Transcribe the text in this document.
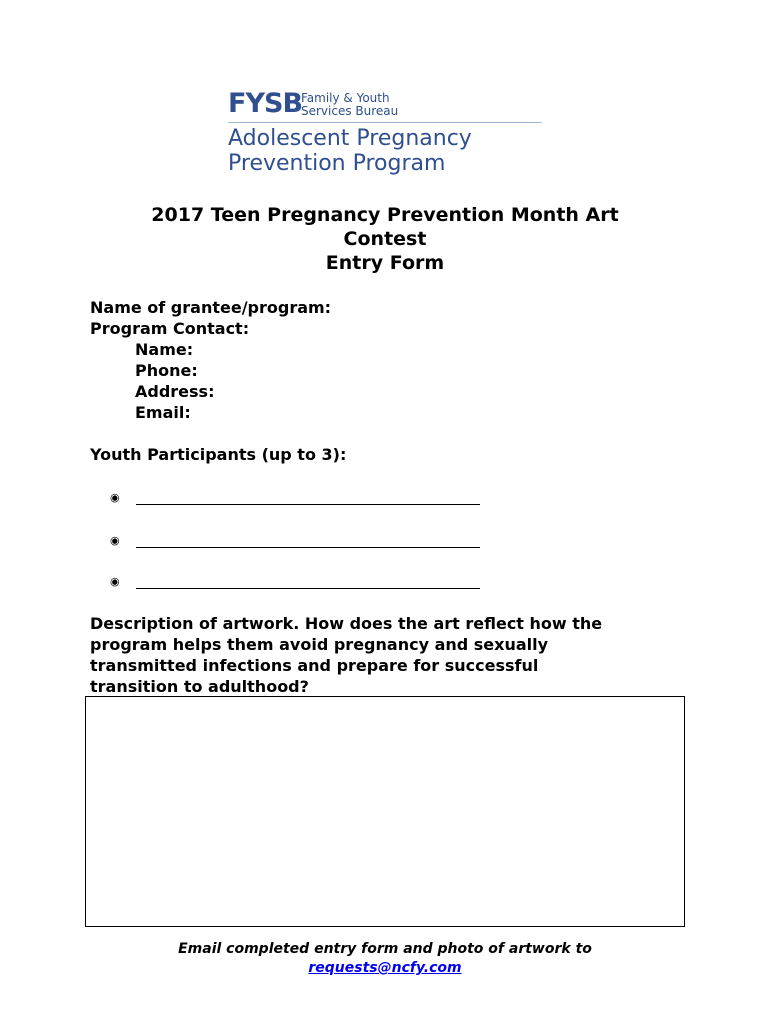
FYSB
Family & Youth
Services Bureau
Adolescent Pregnancy
Prevention Program
2017 Teen Pregnancy Prevention Month Art
Contest
Entry Form
Name of grantee/program:
Program Contact:
Name:
Phone:
Address:
Email:
Youth Participants (up to 3):
◉
◉
◉
Description of artwork. How does the art reflect how the
program helps them avoid pregnancy and sexually
transmitted infections and prepare for successful
transition to adulthood?
Email completed entry form and photo of artwork to
requests@ncfy.com
